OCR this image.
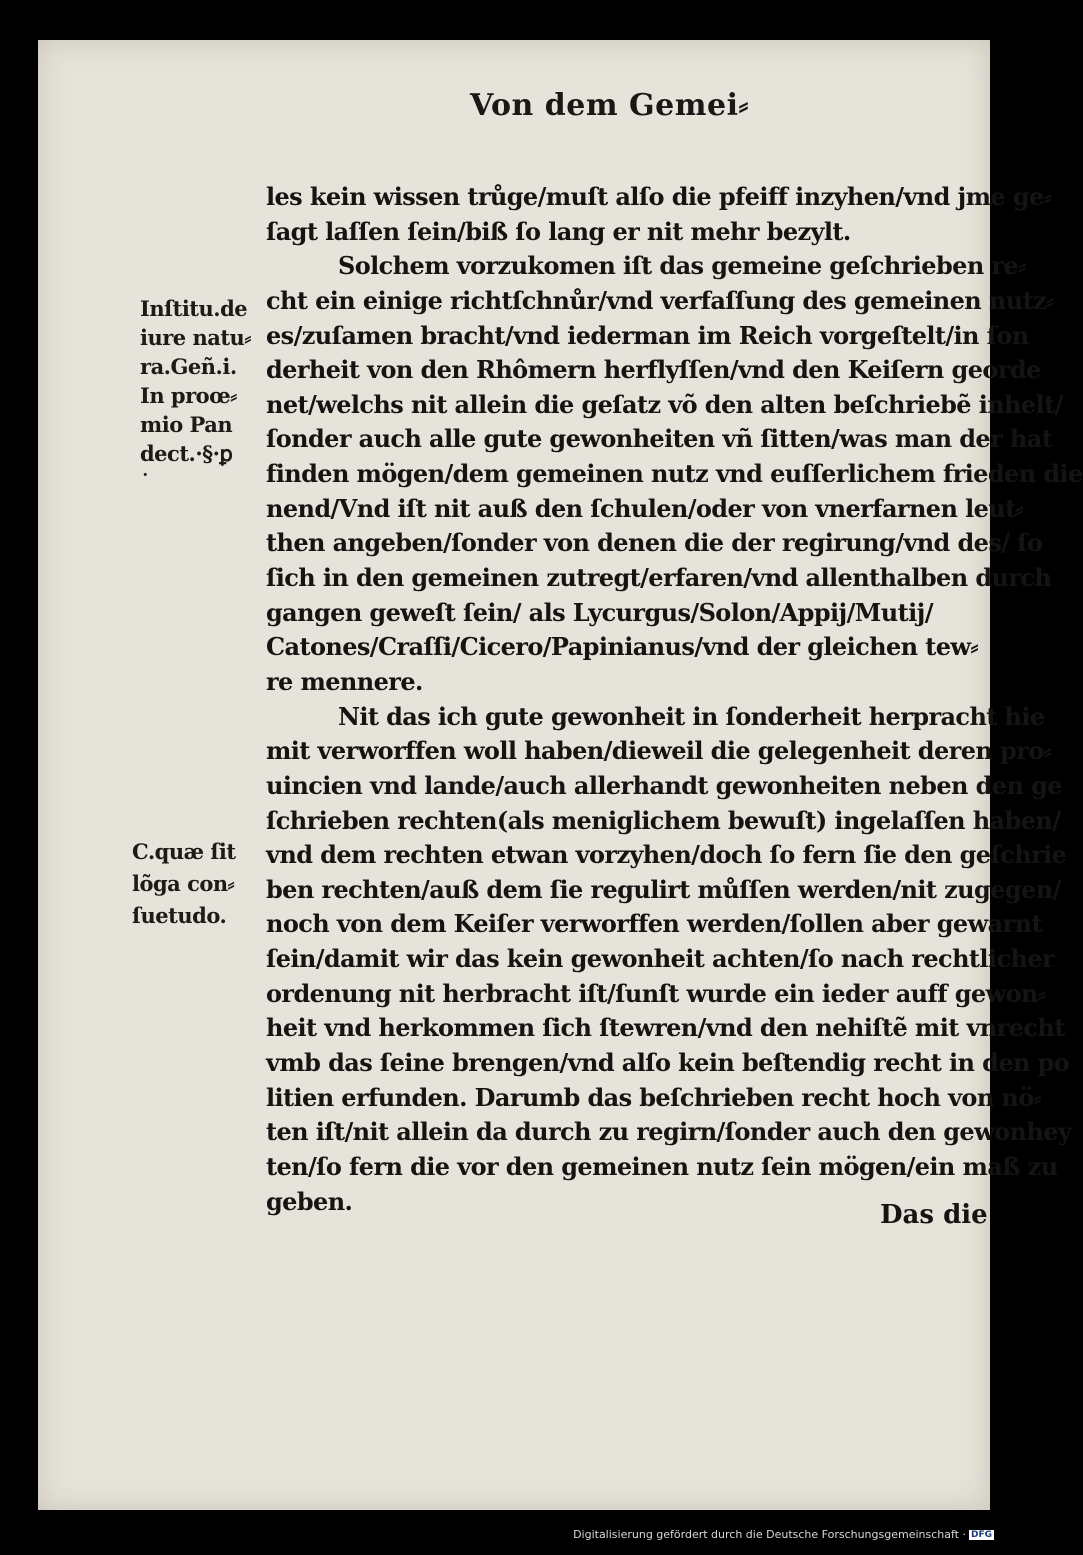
Von dem Gemei⸗
Inſtitu.de
iure natu⸗
ra.Geñ.i.
In proœ⸗
mio Pan
dect.·§·ꝑ
˙
C.quæ ſit
lõga con⸗
ſuetudo.
les kein wissen trůge/muſt alſo die pfeiff inzyhen/vnd jme ge⸗
ſagt laſſen ſein/biß ſo lang er nit mehr bezylt.
Solchem vorzukomen iſt das gemeine geſchrieben re⸗
cht ein einige richtſchnůr/vnd verfaſſung des gemeinen nutz⸗
es/zuſamen bracht/vnd iederman im Reich vorgeſtelt/in ſon
derheit von den Rhômern herflyſſen/vnd den Keiſern georde
net/welchs nit allein die geſatz võ den alten beſchriebẽ inhelt/
ſonder auch alle gute gewonheiten vñ ſitten/was man der hat
finden mögen/dem gemeinen nutz vnd euſſerlichem frieden die
nend/Vnd iſt nit auß den ſchulen/oder von vnerfarnen leut⸗
then angeben/ſonder von denen die der regirung/vnd des/ ſo
ſich in den gemeinen zutregt/erfaren/vnd allenthalben durch
gangen geweſt ſein/ als Lycurgus/Solon/Appij/Mutij/
Catones/Craſſi/Cicero/Papinianus/vnd der gleichen tew⸗
re mennere.
Nit das ich gute gewonheit in ſonderheit herpracht hie
mit verworffen woll haben/dieweil die gelegenheit deren pro⸗
uincien vnd lande/auch allerhandt gewonheiten neben den ge
ſchrieben rechten(als meniglichem bewuſt) ingelaſſen haben/
vnd dem rechten etwan vorzyhen/doch ſo fern ſie den geſchrie
ben rechten/auß dem ſie regulirt můſſen werden/nit zugegen/
noch von dem Keiſer verworffen werden/ſollen aber gewarnt
ſein/damit wir das kein gewonheit achten/ſo nach rechtlicher
ordenung nit herbracht iſt/ſunſt wurde ein ieder auff gewon⸗
heit vnd herkommen ſich ſtewren/vnd den nehiſtẽ mit vnrecht
vmb das ſeine brengen/vnd alſo kein beſtendig recht in den po
litien erfunden. Darumb das beſchrieben recht hoch von nö⸗
ten iſt/nit allein da durch zu regirn/ſonder auch den gewonhey
ten/ſo fern die vor den gemeinen nutz ſein mögen/ein maß zu
geben.	Das die
Digitalisierung gefördert durch die Deutsche Forschungsgemeinschaft · DFG
